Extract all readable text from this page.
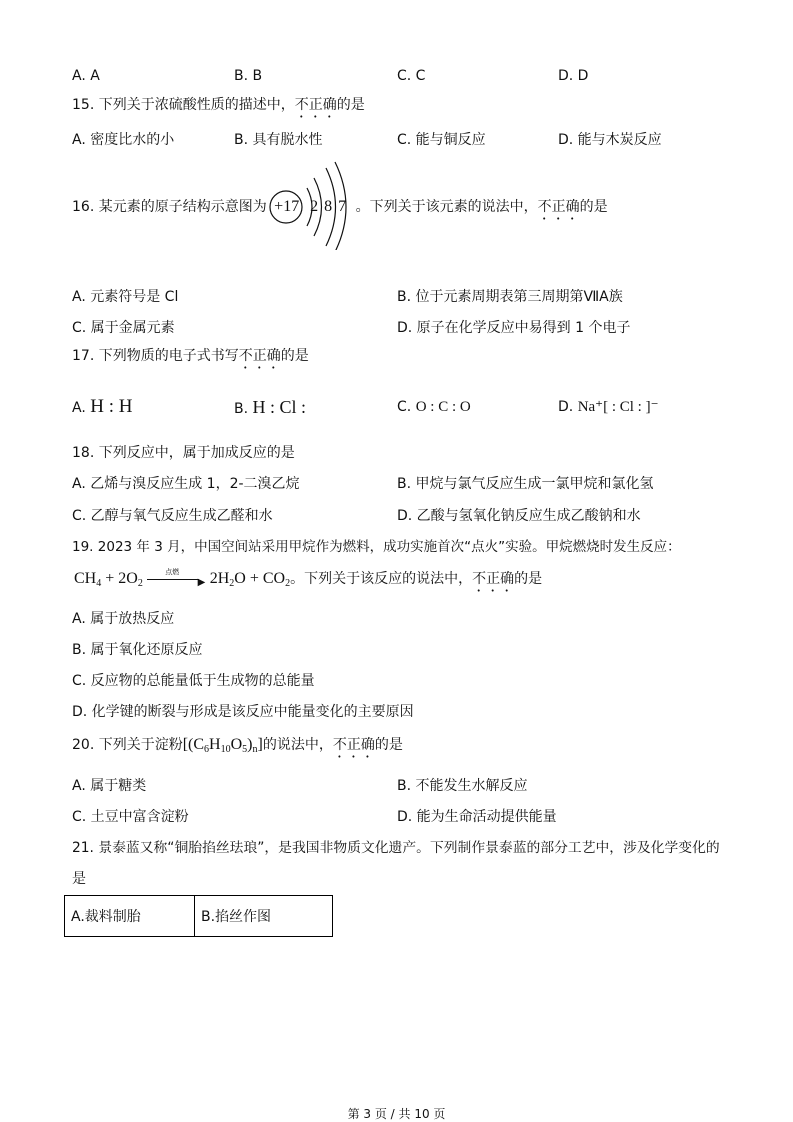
A. A	B. B	C. C	D. D
15. 下列关于浓硫酸性质的描述中，不正确的是
A. 密度比水的小	B. 具有脱水性	C. 能与铜反应	D. 能与木炭反应
16. 某元素的原子结构示意图为 +17 2 8 7 。下列关于该元素的说法中，不正确的是
A. 元素符号是 Cl	B. 位于元素周期表第三周期第ⅦA族
C. 属于金属元素	D. 原子在化学反应中易得到 1 个电子
17. 下列物质的电子式书写不正确的是
A. H : H	B. H : Cl :	C. O : C : O	D. Na⁺[ : Cl : ]⁻
18. 下列反应中，属于加成反应的是
A. 乙烯与溴反应生成 1，2-二溴乙烷	B. 甲烷与氯气反应生成一氯甲烷和氯化氢
C. 乙醇与氧气反应生成乙醛和水	D. 乙酸与氢氧化钠反应生成乙酸钠和水
19. 2023 年 3 月，中国空间站采用甲烷作为燃料，成功实施首次“点火”实验。甲烷燃烧时发生反应：
$CH_4 + 2O_2$
点燃
▶ $2H_2O + CO_2$。下列关于该反应的说法中，不正确的是
A. 属于放热反应
B. 属于氧化还原反应
C. 反应物的总能量低于生成物的总能量
D. 化学键的断裂与形成是该反应中能量变化的主要原因
20. 下列关于淀粉$[(C_6H_{10}O_5)_n]$的说法中，不正确的是
A. 属于糖类	B. 不能发生水解反应
C. 土豆中富含淀粉	D. 能为生命活动提供能量
21. 景泰蓝又称“铜胎掐丝珐琅”，是我国非物质文化遗产。下列制作景泰蓝的部分工艺中，涉及化学变化的
是
A.裁料制胎	B.掐丝作图
第 3 页 / 共 10 页
